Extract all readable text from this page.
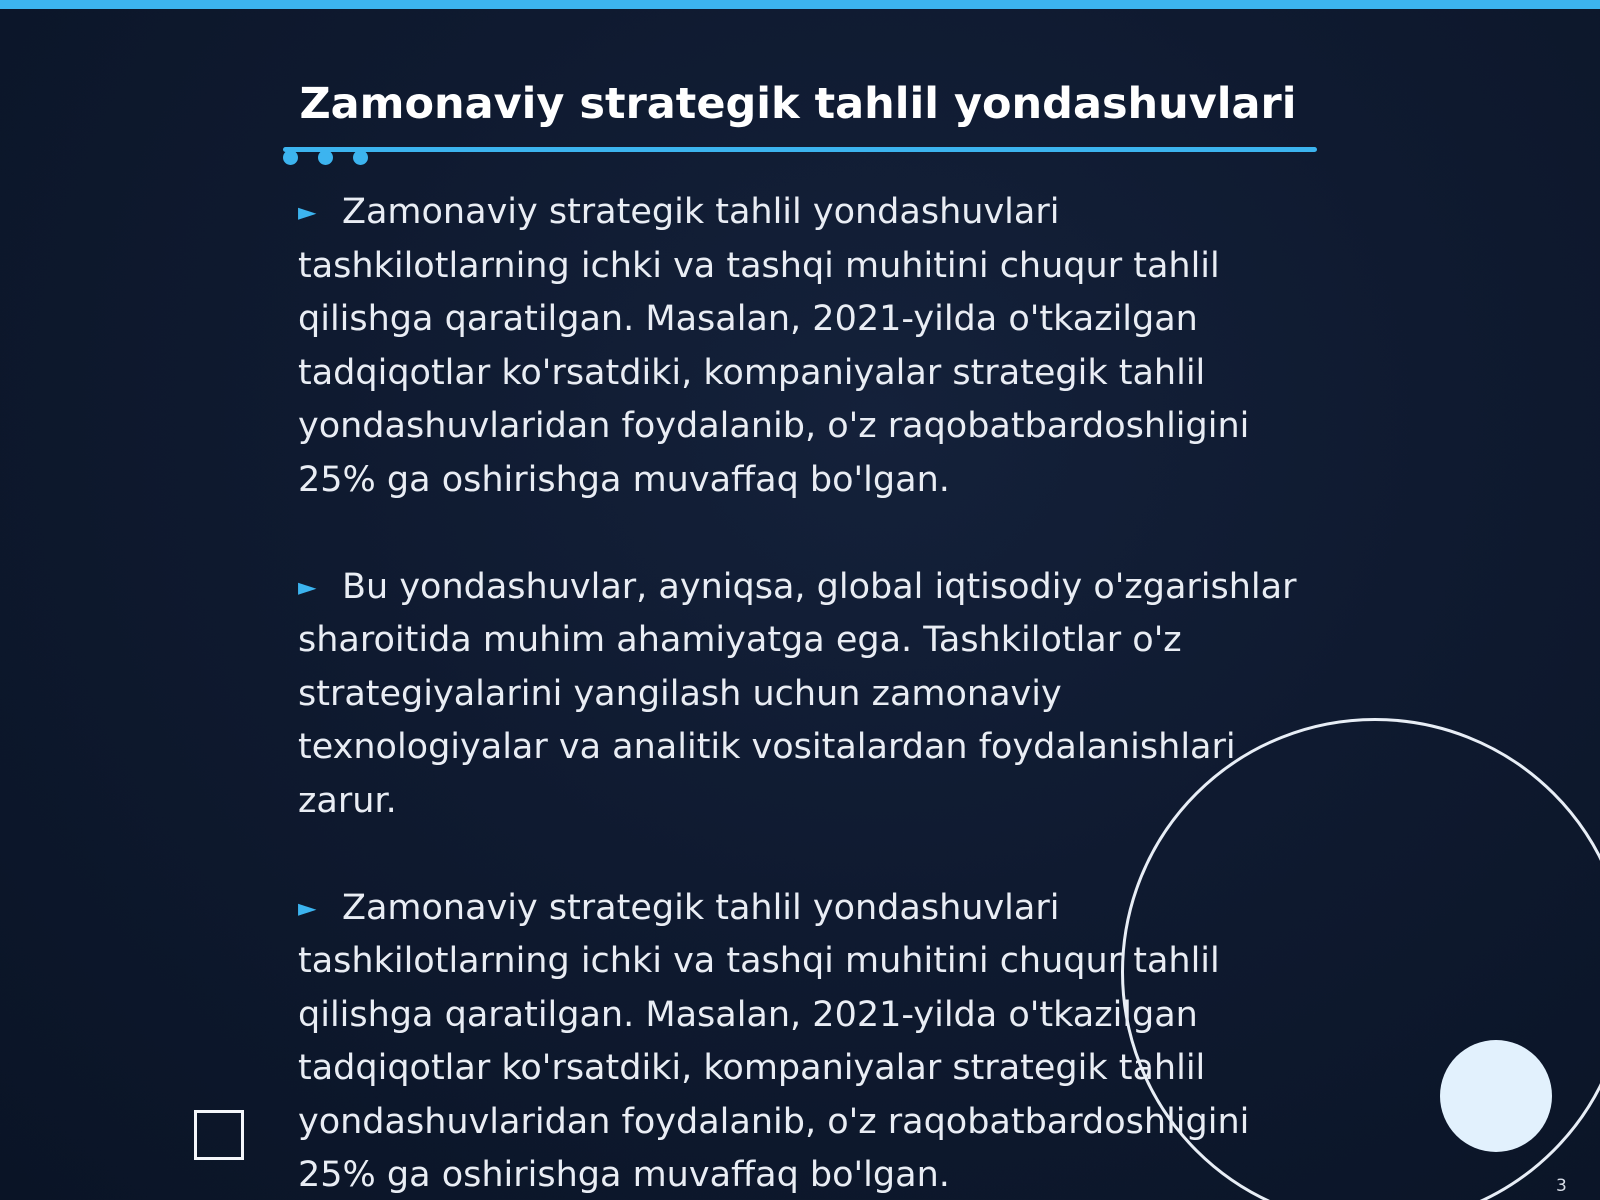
Zamonaviy strategik tahlil yondashuvlari

► Zamonaviy strategik tahlil yondashuvlari tashkilotlarning ichki va tashqi muhitini chuqur tahlil qilishga qaratilgan. Masalan, 2021-yilda o'tkazilgan tadqiqotlar ko'rsatdiki, kompaniyalar strategik tahlil yondashuvlaridan foydalanib, o'z raqobatbardoshligini 25% ga oshirishga muvaffaq bo'lgan.

► Bu yondashuvlar, ayniqsa, global iqtisodiy o'zgarishlar sharoitida muhim ahamiyatga ega. Tashkilotlar o'z strategiyalarini yangilash uchun zamonaviy texnologiyalar va analitik vositalardan foydalanishlari zarur.

► Zamonaviy strategik tahlil yondashuvlari tashkilotlarning ichki va tashqi muhitini chuqur tahlil qilishga qaratilgan. Masalan, 2021-yilda o'tkazilgan tadqiqotlar ko'rsatdiki, kompaniyalar strategik tahlil yondashuvlaridan foydalanib, o'z raqobatbardoshligini 25% ga oshirishga muvaffaq bo'lgan.	3
